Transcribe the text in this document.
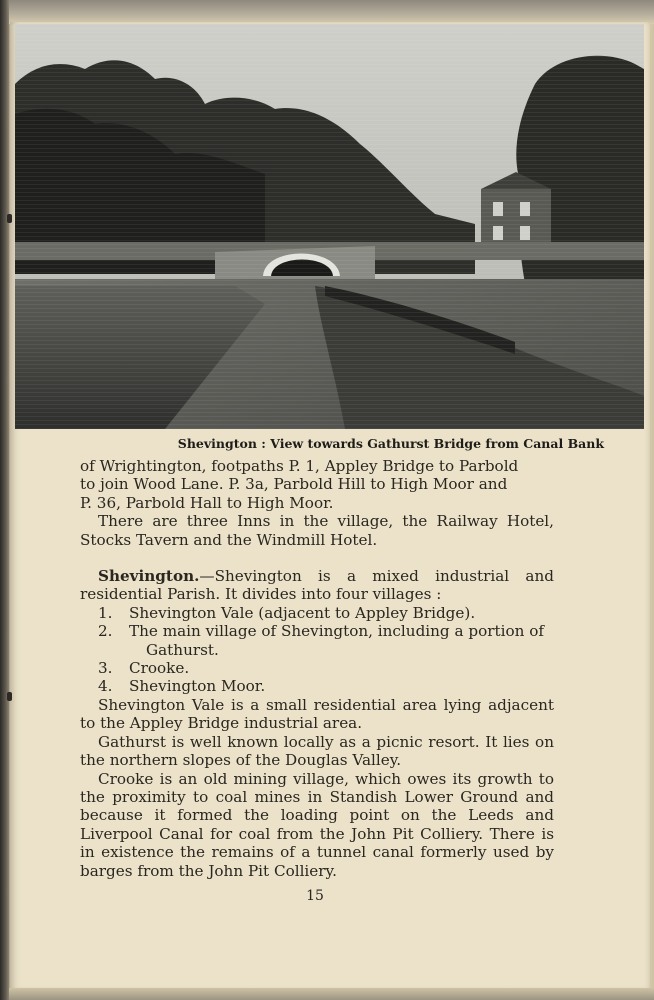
Shevington : View towards Gathurst Bridge from Canal Bank

of Wrightington, footpaths P. 1, Appley Bridge to Parbold
to join Wood Lane. P. 3a, Parbold Hill to High Moor and
P. 36, Parbold Hall to High Moor.

There are three Inns in the village, the Railway Hotel, Stocks Tavern and the Windmill Hotel.

Shevington.—Shevington is a mixed industrial and residential Parish. It divides into four villages :

1.	Shevington Vale (adjacent to Appley Bridge).
2.	The main village of Shevington, including a portion of
Gathurst.
3.	Crooke.
4.	Shevington Moor.

Shevington Vale is a small residential area lying adjacent to the Appley Bridge industrial area.

Gathurst is well known locally as a picnic resort. It lies on the northern slopes of the Douglas Valley.

Crooke is an old mining village, which owes its growth to the proximity to coal mines in Standish Lower Ground and because it formed the loading point on the Leeds and Liverpool Canal for coal from the John Pit Colliery. There is in existence the remains of a tunnel canal formerly used by barges from the John Pit Colliery.

15
